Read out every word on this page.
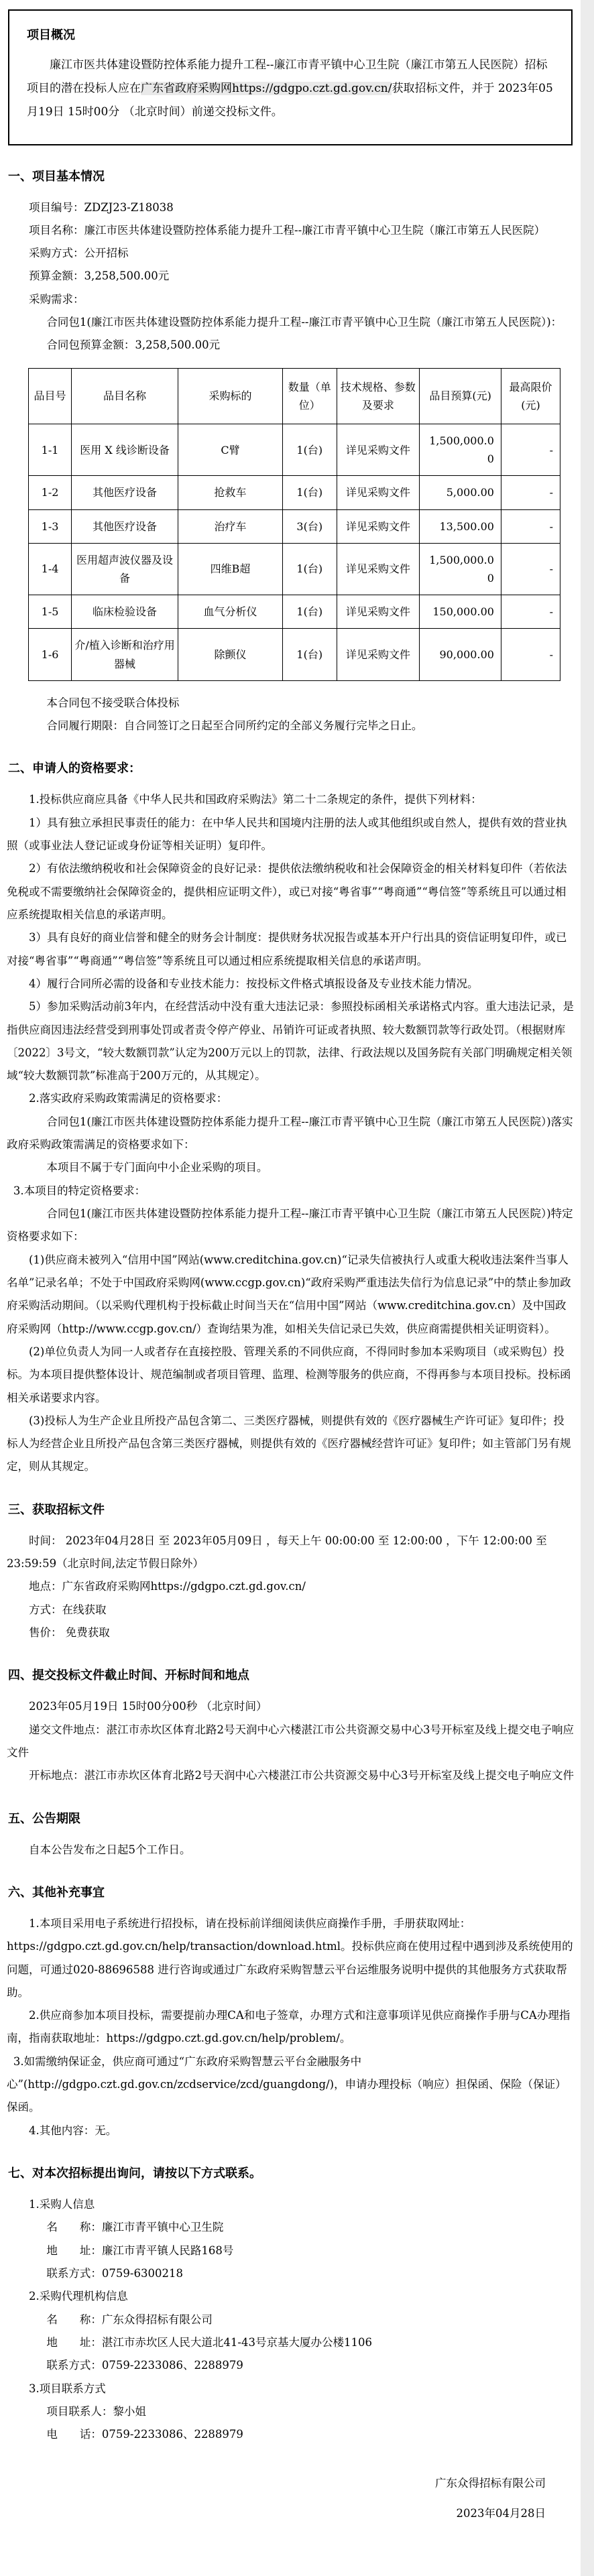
项目概况

廉江市医共体建设暨防控体系能力提升工程--廉江市青平镇中心卫生院（廉江市第五人民医院）招标项目的潜在投标人应在广东省政府采购网https://gdgpo.czt.gd.gov.cn/获取招标文件，并于 2023年05月19日 15时00分 （北京时间）前递交投标文件。

一、项目基本情况

项目编号：ZDZJ23-Z18038

项目名称：廉江市医共体建设暨防控体系能力提升工程--廉江市青平镇中心卫生院（廉江市第五人民医院）

采购方式：公开招标

预算金额：3,258,500.00元

采购需求：

合同包1(廉江市医共体建设暨防控体系能力提升工程--廉江市青平镇中心卫生院（廉江市第五人民医院）)：

合同包预算金额：3,258,500.00元

品目号	品目名称	采购标的	数量（单位）	技术规格、参数及要求	品目预算(元)	最高限价(元)
1-1	医用 X 线诊断设备	C臂	1(台)	详见采购文件	1,500,000.00	-
1-2	其他医疗设备	抢救车	1(台)	详见采购文件	5,000.00	-
1-3	其他医疗设备	治疗车	3(台)	详见采购文件	13,500.00	-
1-4	医用超声波仪器及设备	四维B超	1(台)	详见采购文件	1,500,000.00	-
1-5	临床检验设备	血气分析仪	1(台)	详见采购文件	150,000.00	-
1-6	介/植入诊断和治疗用器械	除颤仪	1(台)	详见采购文件	90,000.00	-

本合同包不接受联合体投标

合同履行期限：自合同签订之日起至合同所约定的全部义务履行完毕之日止。

二、申请人的资格要求：

1.投标供应商应具备《中华人民共和国政府采购法》第二十二条规定的条件，提供下列材料：

1）具有独立承担民事责任的能力：在中华人民共和国境内注册的法人或其他组织或自然人，提供有效的营业执照（或事业法人登记证或身份证等相关证明）复印件。

2）有依法缴纳税收和社会保障资金的良好记录：提供依法缴纳税收和社会保障资金的相关材料复印件（若依法免税或不需要缴纳社会保障资金的，提供相应证明文件），或已对接“粤省事”“粤商通”“粤信签”等系统且可以通过相应系统提取相关信息的承诺声明。

3）具有良好的商业信誉和健全的财务会计制度：提供财务状况报告或基本开户行出具的资信证明复印件，或已对接“粤省事”“粤商通”“粤信签”等系统且可以通过相应系统提取相关信息的承诺声明。

4）履行合同所必需的设备和专业技术能力：按投标文件格式填报设备及专业技术能力情况。

5）参加采购活动前3年内，在经营活动中没有重大违法记录：参照投标函相关承诺格式内容。重大违法记录，是指供应商因违法经营受到刑事处罚或者责令停产停业、吊销许可证或者执照、较大数额罚款等行政处罚。（根据财库〔2022〕3号文，“较大数额罚款”认定为200万元以上的罚款，法律、行政法规以及国务院有关部门明确规定相关领域“较大数额罚款”标准高于200万元的，从其规定）。

2.落实政府采购政策需满足的资格要求：

合同包1(廉江市医共体建设暨防控体系能力提升工程--廉江市青平镇中心卫生院（廉江市第五人民医院）)落实政府采购政策需满足的资格要求如下：

本项目不属于专门面向中小企业采购的项目。

3.本项目的特定资格要求：

合同包1(廉江市医共体建设暨防控体系能力提升工程--廉江市青平镇中心卫生院（廉江市第五人民医院）)特定资格要求如下：

(1)供应商未被列入“信用中国”网站(www.creditchina.gov.cn)“记录失信被执行人或重大税收违法案件当事人名单”记录名单；不处于中国政府采购网(www.ccgp.gov.cn)“政府采购严重违法失信行为信息记录”中的禁止参加政府采购活动期间。（以采购代理机构于投标截止时间当天在“信用中国”网站（www.creditchina.gov.cn）及中国政府采购网（http://www.ccgp.gov.cn/）查询结果为准，如相关失信记录已失效，供应商需提供相关证明资料）。

(2)单位负责人为同一人或者存在直接控股、管理关系的不同供应商，不得同时参加本采购项目（或采购包）投标。为本项目提供整体设计、规范编制或者项目管理、监理、检测等服务的供应商，不得再参与本项目投标。投标函相关承诺要求内容。

(3)投标人为生产企业且所投产品包含第二、三类医疗器械，则提供有效的《医疗器械生产许可证》复印件；投标人为经营企业且所投产品包含第三类医疗器械，则提供有效的《医疗器械经营许可证》复印件；如主管部门另有规定，则从其规定。

三、获取招标文件

时间： 2023年04月28日 至 2023年05月09日 ，每天上午 00:00:00 至 12:00:00 ，下午 12:00:00 至 23:59:59（北京时间,法定节假日除外）

地点：广东省政府采购网https://gdgpo.czt.gd.gov.cn/

方式：在线获取

售价： 免费获取

四、提交投标文件截止时间、开标时间和地点

2023年05月19日 15时00分00秒 （北京时间）

递交文件地点：湛江市赤坎区体育北路2号天润中心六楼湛江市公共资源交易中心3号开标室及线上提交电子响应文件

开标地点：湛江市赤坎区体育北路2号天润中心六楼湛江市公共资源交易中心3号开标室及线上提交电子响应文件

五、公告期限

自本公告发布之日起5个工作日。

六、其他补充事宜

1.本项目采用电子系统进行招投标，请在投标前详细阅读供应商操作手册，手册获取网址：https://gdgpo.czt.gd.gov.cn/help/transaction/download.html。投标供应商在使用过程中遇到涉及系统使用的问题，可通过020-88696588 进行咨询或通过广东政府采购智慧云平台运维服务说明中提供的其他服务方式获取帮助。

2.供应商参加本项目投标，需要提前办理CA和电子签章，办理方式和注意事项详见供应商操作手册与CA办理指南，指南获取地址：https://gdgpo.czt.gd.gov.cn/help/problem/。

3.如需缴纳保证金，供应商可通过“广东政府采购智慧云平台金融服务中心”(http://gdgpo.czt.gd.gov.cn/zcdservice/zcd/guangdong/)，申请办理投标（响应）担保函、保险（保证）保函。

4.其他内容：无。

七、对本次招标提出询问，请按以下方式联系。

1.采购人信息

名　　称：廉江市青平镇中心卫生院

地　　址：廉江市青平镇人民路168号

联系方式：0759-6300218

2.采购代理机构信息

名　　称：广东众得招标有限公司

地　　址：湛江市赤坎区人民大道北41-43号京基大厦办公楼1106

联系方式：0759-2233086、2288979

3.项目联系方式

项目联系人：黎小姐

电　　话：0759-2233086、2288979

广东众得招标有限公司
2023年04月28日
